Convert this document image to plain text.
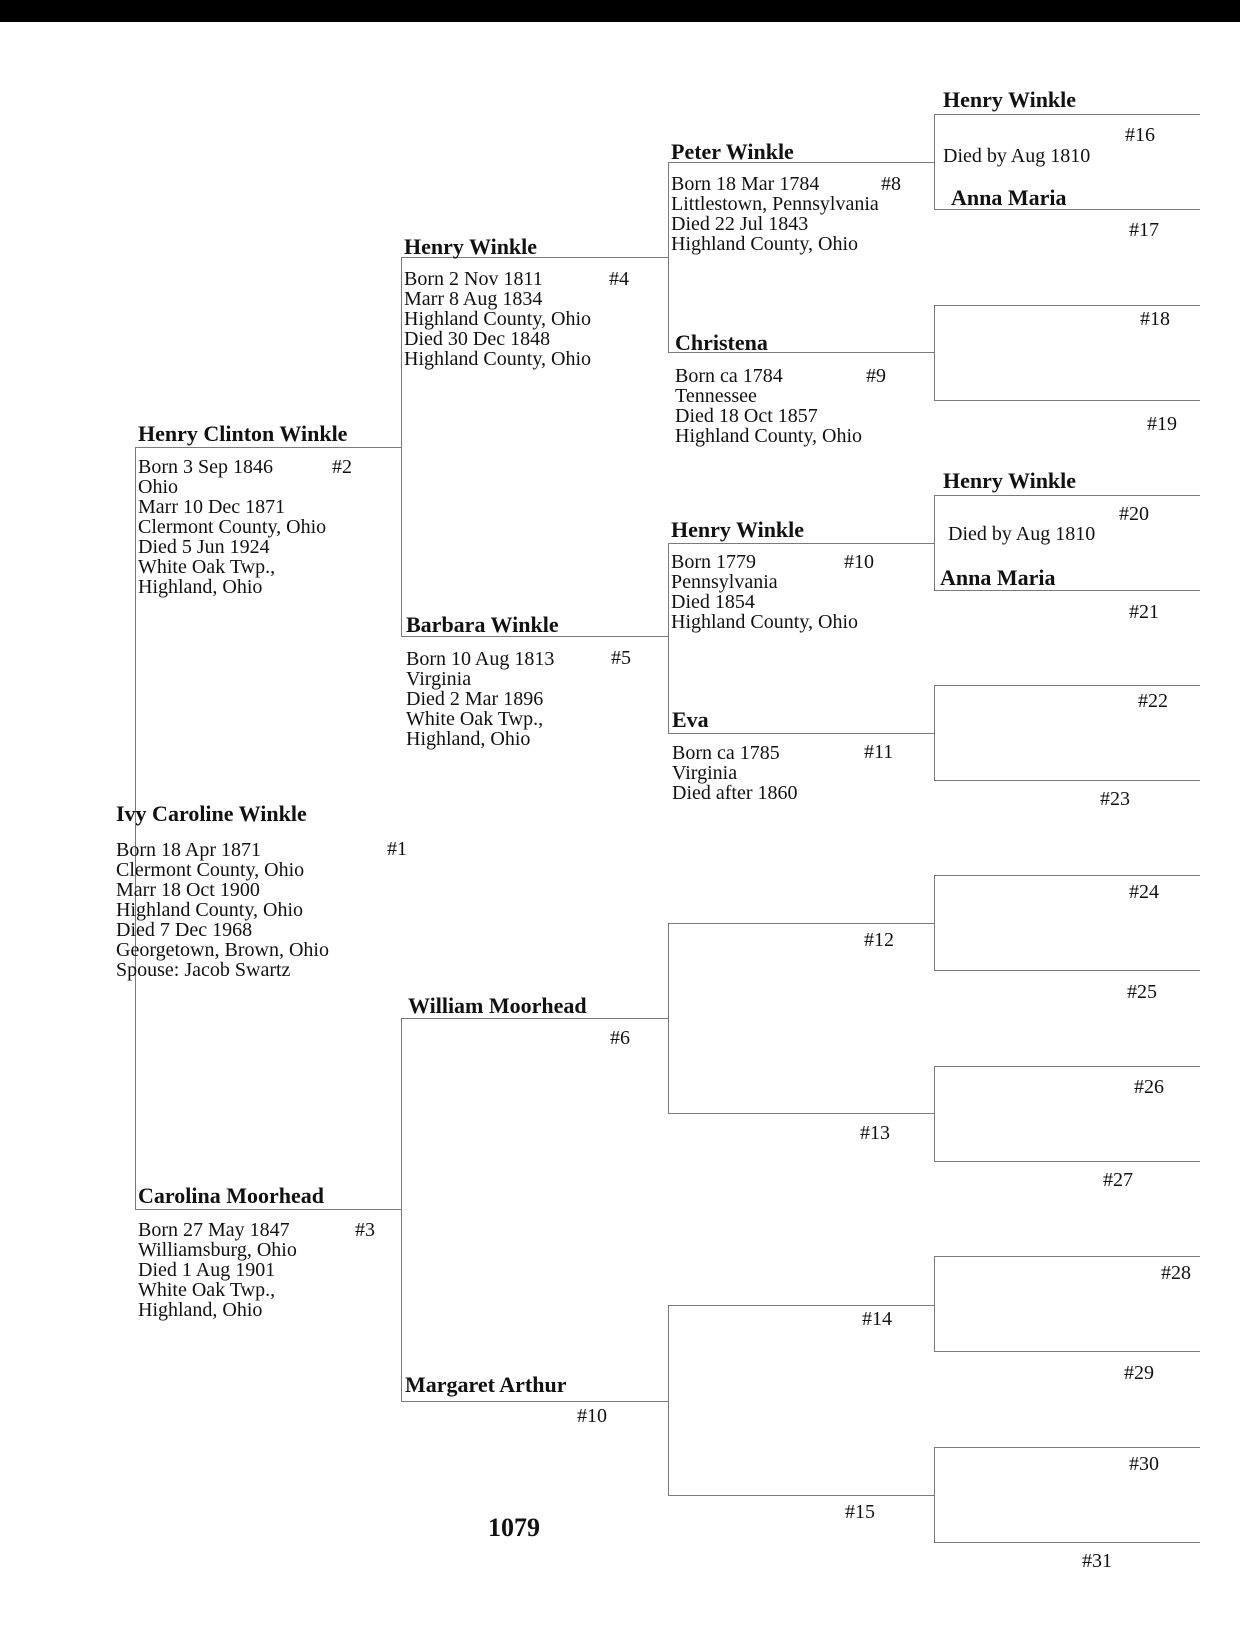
Ivy Caroline Winkle
#1
Born 18 Apr 1871
Clermont County, Ohio
Marr 18 Oct 1900
Highland County, Ohio
Died 7 Dec 1968
Georgetown, Brown, Ohio
Spouse: Jacob Swartz
Henry Clinton Winkle
#2
Born 3 Sep 1846
Ohio
Marr 10 Dec 1871
Clermont County, Ohio
Died 5 Jun 1924
White Oak Twp.,
Highland, Ohio
Carolina Moorhead
#3
Born 27 May 1847
Williamsburg, Ohio
Died 1 Aug 1901
White Oak Twp.,
Highland, Ohio
Henry Winkle
#4
Born 2 Nov 1811
Marr 8 Aug 1834
Highland County, Ohio
Died 30 Dec 1848
Highland County, Ohio
Barbara Winkle
#5
Born 10 Aug 1813
Virginia
Died 2 Mar 1896
White Oak Twp.,
Highland, Ohio
William Moorhead
#6
Margaret Arthur
#10
Peter Winkle
#8
Born 18 Mar 1784
Littlestown, Pennsylvania
Died 22 Jul 1843
Highland County, Ohio
Christena
#9
Born ca 1784
Tennessee
Died 18 Oct 1857
Highland County, Ohio
Henry Winkle
#10
Born 1779
Pennsylvania
Died 1854
Highland County, Ohio
Eva
#11
Born ca 1785
Virginia
Died after 1860
#12
#13
#14
#15
Henry Winkle
#16
Died by Aug 1810
Anna Maria
#17
#18
#19
Henry Winkle
#20
Died by Aug 1810
Anna Maria
#21
#22
#23
#24
#25
#26
#27
#28
#29
#30
#31
1079
